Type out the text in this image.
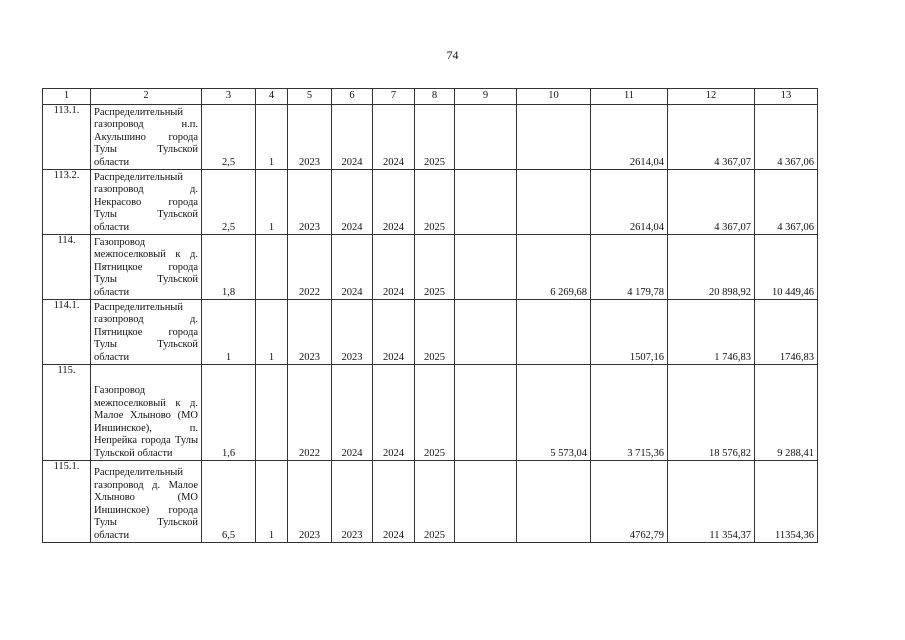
74
1	2	3	4	5	6	7	8	9	10	11	12	13
113.1.	Распределительный газопровод н.п. Акульшино города Тулы Тульской области	2,5	1	2023	2024	2024	2025			2614,04	4 367,07	4 367,06
113.2.	Распределительный газопровод д. Некрасово города Тулы Тульской области	2,5	1	2023	2024	2024	2025			2614,04	4 367,07	4 367,06
114.	Газопровод межпоселковый к д. Пятницкое города Тулы Тульской области	1,8		2022	2024	2024	2025		6 269,68	4 179,78	20 898,92	10 449,46
114.1.	Распределительный газопровод д. Пятницкое города Тулы Тульской области	1	1	2023	2023	2024	2025			1507,16	1 746,83	1746,83
115.	Газопровод межпоселковый к д. Малое Хлыново (МО Иншинское), п. Непрейка города Тулы Тульской области	1,6		2022	2024	2024	2025		5 573,04	3 715,36	18 576,82	9 288,41
115.1.	Распределительный газопровод д. Малое Хлыново (МО Иншинское) города Тулы Тульской области	6,5	1	2023	2023	2024	2025			4762,79	11 354,37	11354,36
